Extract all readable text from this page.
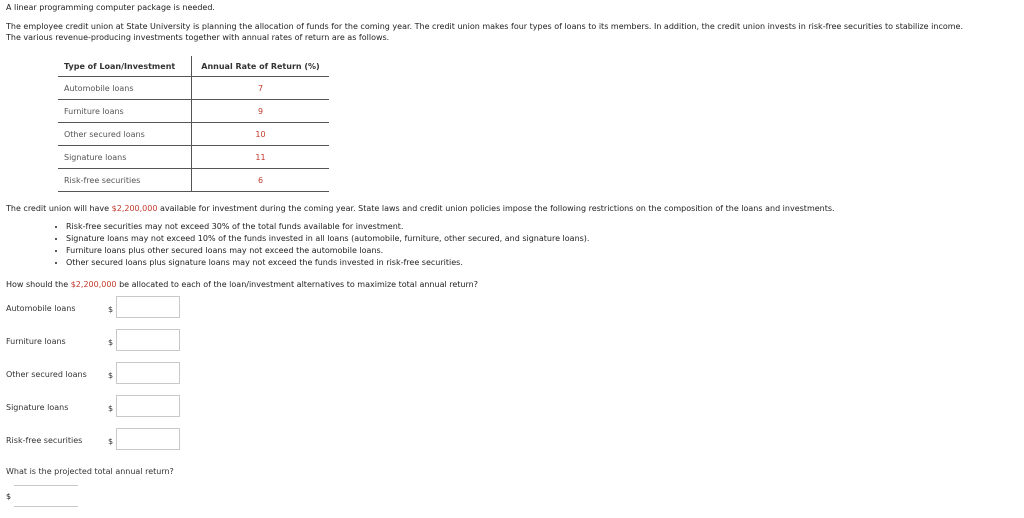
A linear programming computer package is needed.
The employee credit union at State University is planning the allocation of funds for the coming year. The credit union makes four types of loans to its members. In addition, the credit union invests in risk-free securities to stabilize income.
The various revenue-producing investments together with annual rates of return are as follows.
Type of Loan/Investment	Annual Rate of Return (%)
Automobile loans	7
Furniture loans	9
Other secured loans	10
Signature loans	11
Risk-free securities	6
The credit union will have $2,200,000 available for investment during the coming year. State laws and credit union policies impose the following restrictions on the composition of the loans and investments.
• Risk-free securities may not exceed 30% of the total funds available for investment.
• Signature loans may not exceed 10% of the funds invested in all loans (automobile, furniture, other secured, and signature loans).
• Furniture loans plus other secured loans may not exceed the automobile loans.
• Other secured loans plus signature loans may not exceed the funds invested in risk-free securities.
How should the $2,200,000 be allocated to each of the loan/investment alternatives to maximize total annual return?
Automobile loans	$
Furniture loans	$
Other secured loans	$
Signature loans	$
Risk-free securities	$
What is the projected total annual return?
$
